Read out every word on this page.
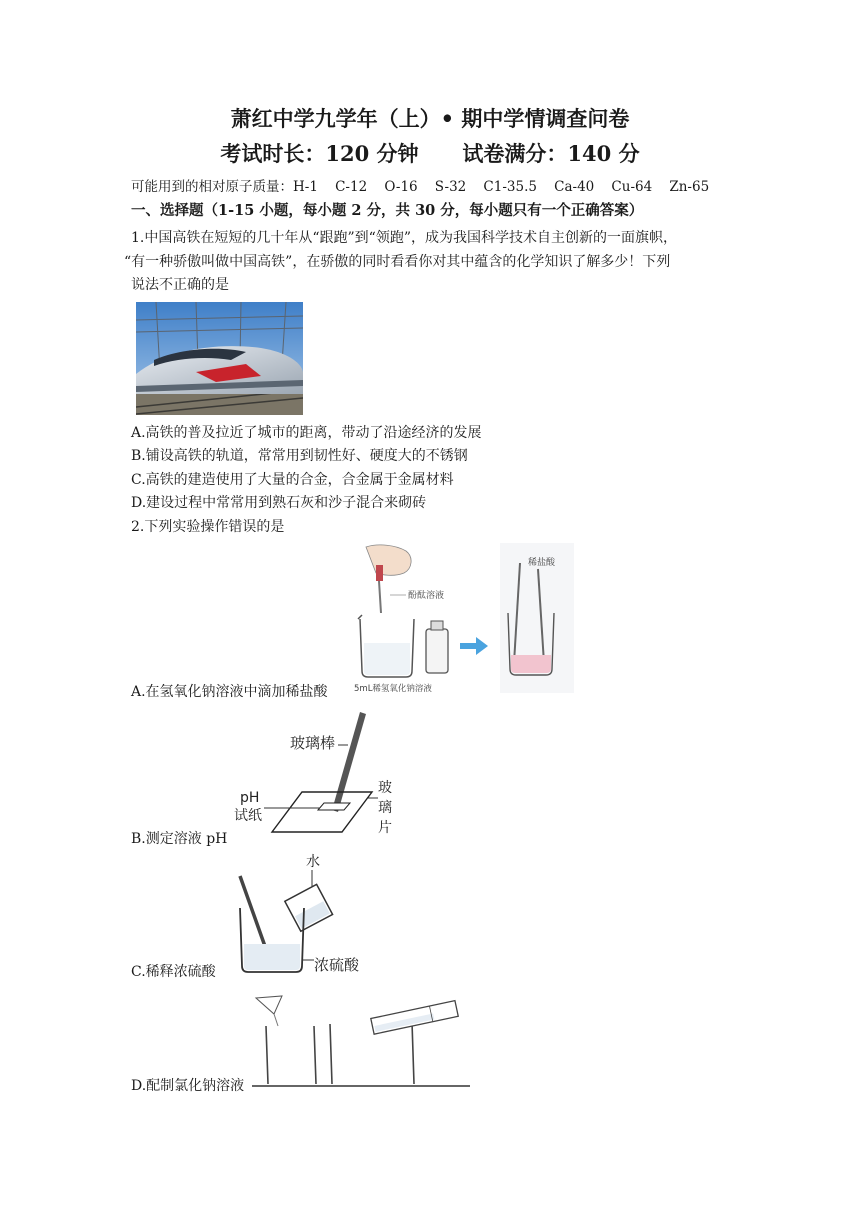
萧红中学九学年（上）• 期中学情调查问卷
考试时长：120 分钟      试卷满分：140 分
可能用到的相对原子质量：H-1    C-12    O-16    S-32    C1-35.5    Ca-40    Cu-64    Zn-65
一、选择题（1-15 小题，每小题 2 分，共 30 分，每小题只有一个正确答案）
1.中国高铁在短短的几十年从“跟跑”到“领跑”，成为我国科学技术自主创新的一面旗帜，
“有一种骄傲叫做中国高铁”，在骄傲的同时看看你对其中蕴含的化学知识了解多少！下列
说法不正确的是
A.高铁的普及拉近了城市的距离，带动了沿途经济的发展
B.铺设高铁的轨道，常常用到韧性好、硬度大的不锈钢
C.高铁的建造使用了大量的合金，合金属于金属材料
D.建设过程中常常用到熟石灰和沙子混合来砌砖
2.下列实验操作错误的是
酚酞溶液
5mL稀氢氧化钠溶液
稀盐酸
A.在氢氧化钠溶液中滴加稀盐酸
玻璃棒
pH
试纸
玻
璃
片
B.测定溶液 pH
水
浓硫酸
C.稀释浓硫酸
D.配制氯化钠溶液
